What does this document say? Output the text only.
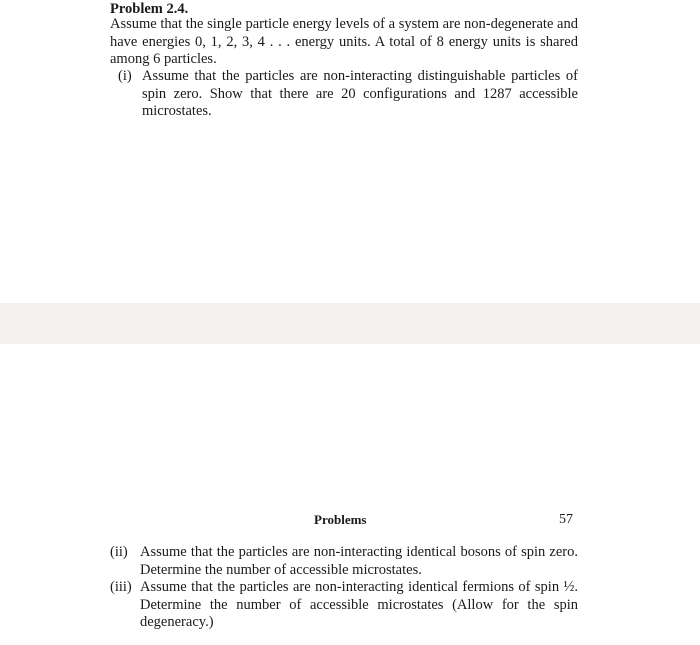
Problem 2.4.
Assume that the single particle energy levels of a system are non-degenerate and have energies 0, 1, 2, 3, 4 . . . energy units. A total of 8 energy units is shared among 6 particles.
(i) Assume that the particles are non-interacting distinguishable particles of spin zero. Show that there are 20 configurations and 1287 accessible microstates.
Problems	57
(ii) Assume that the particles are non-interacting identical bosons of spin zero. Determine the number of accessible microstates.
(iii) Assume that the particles are non-interacting identical fermions of spin ½. Determine the number of accessible microstates (Allow for the spin degeneracy.)
